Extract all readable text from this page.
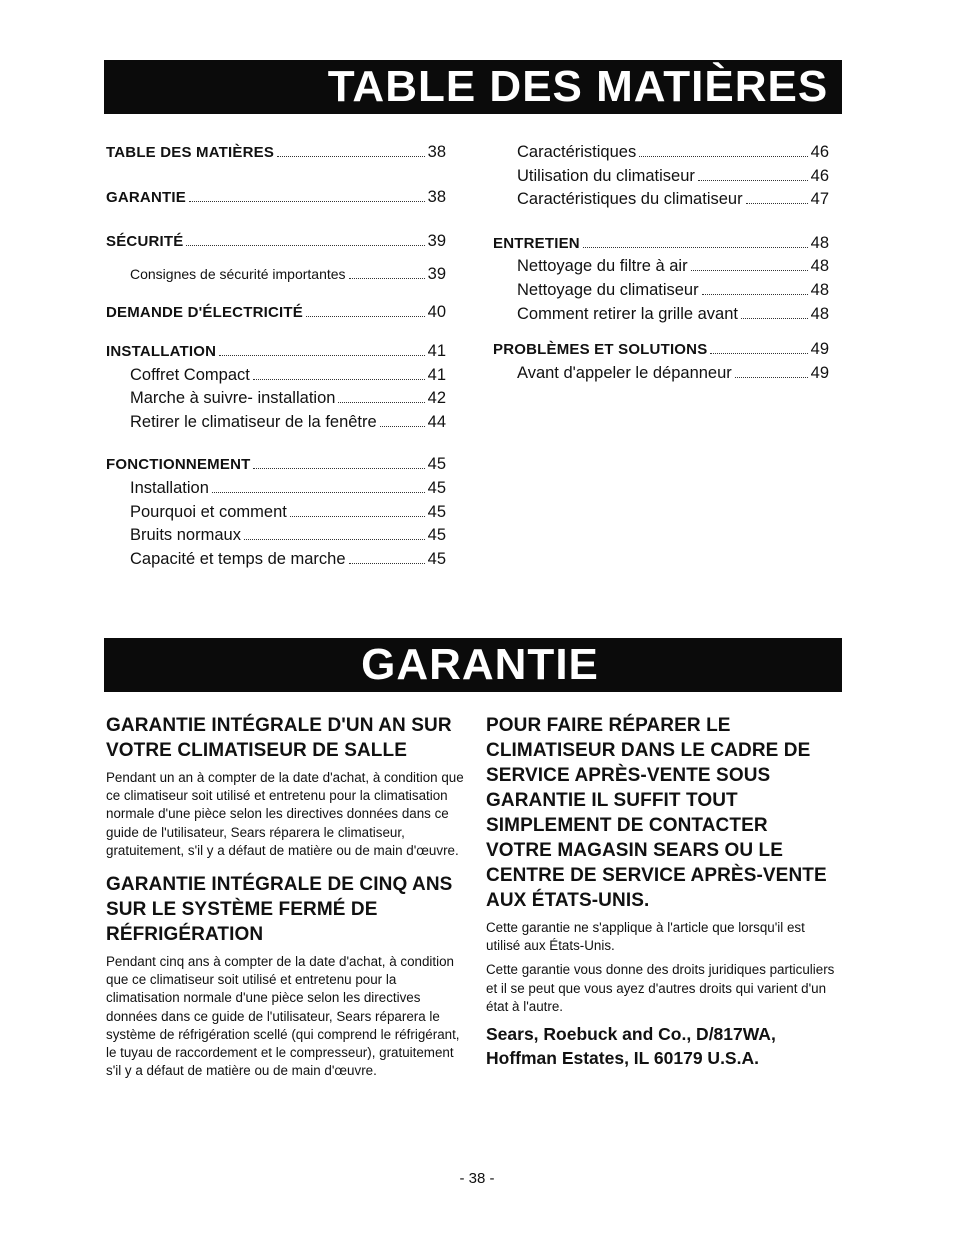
TABLE DES MATIÈRES
TABLE DES MATIÈRES	38
GARANTIE	38
SÉCURITÉ	39
Consignes de sécurité importantes	39
DEMANDE D'ÉLECTRICITÉ	40
INSTALLATION	41
Coffret Compact	41
Marche à suivre- installation	42
Retirer le climatiseur de la fenêtre	44
FONCTIONNEMENT	45
Installation	45
Pourquoi et comment	45
Bruits normaux	45
Capacité et temps de marche	45
Caractéristiques	46
Utilisation du climatiseur	46
Caractéristiques du climatiseur	47
ENTRETIEN	48
Nettoyage du filtre à air	48
Nettoyage du climatiseur	48
Comment retirer la grille avant	48
PROBLÈMES ET SOLUTIONS	49
Avant d'appeler le dépanneur	49
GARANTIE
GARANTIE INTÉGRALE D'UN AN SUR VOTRE CLIMATISEUR DE SALLE
Pendant un an à compter de la date d'achat, à condition que ce climatiseur soit utilisé et entretenu pour la climatisation normale d'une pièce selon les directives données dans ce guide de l'utilisateur, Sears réparera le climatiseur, gratuitement, s'il y a défaut de matière ou de main d'œuvre.
GARANTIE INTÉGRALE DE CINQ ANS SUR LE SYSTÈME FERMÉ DE RÉFRIGÉRATION
Pendant cinq ans à compter de la date d'achat, à condition que ce climatiseur soit utilisé et entretenu pour la climatisation normale d'une pièce selon les directives données dans ce guide de l'utilisateur, Sears réparera le système de réfrigération scellé (qui comprend le réfrigérant, le tuyau de raccordement et le compresseur), gratuitement s'il y a défaut de matière ou de main d'œuvre.
POUR FAIRE RÉPARER LE CLIMATISEUR DANS LE CADRE DE SERVICE APRÈS-VENTE SOUS GARANTIE IL SUFFIT TOUT SIMPLEMENT DE CONTACTER VOTRE MAGASIN SEARS OU LE CENTRE DE SERVICE APRÈS-VENTE AUX ÉTATS-UNIS.
Cette garantie ne s'applique à l'article que lorsqu'il est utilisé aux États-Unis.
Cette garantie vous donne des droits juridiques particuliers et il se peut que vous ayez d'autres droits qui varient d'un état à l'autre.
Sears, Roebuck and Co., D/817WA, Hoffman Estates, IL 60179 U.S.A.
- 38 -
